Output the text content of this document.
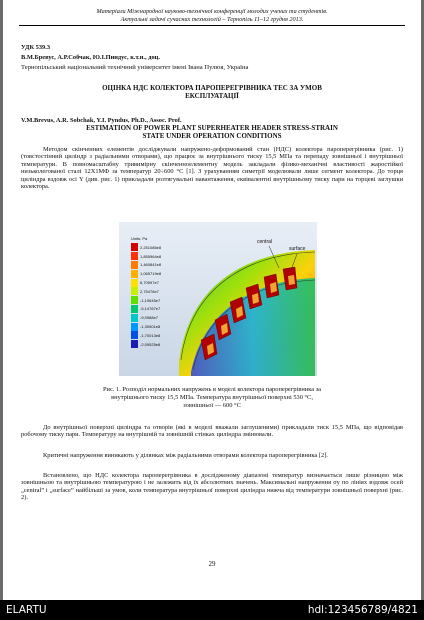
Матеріали Міжнародної науково-технічної конференції молодих учених та студентів.
Актуальні задачі сучасних технологій – Тернопіль 11–12 грудня 2013.
УДК 539.3
В.М.Бревус, А.Р.Собчак, Ю.І.Пиндус, к.т.н., доц.
Тернопільський національний технічний університет імені Івана Пулюя, Україна
ОЦІНКА НДС КОЛЕКТОРА ПАРОПЕРЕГРІВНИКА ТЕС ЗА УМОВ
ЕКСПЛУАТАЦІЇ
V.M.Brevus, A.R. Sobchak, Y.I. Pyndus, Ph.D., Assoc. Prof.
ESTIMATION OF POWER PLANT SUPERHEATER HEADER STRESS-STRAIN
STATE UNDER OPERATION CONDITIONS
Методом скінченних елементів досліджували напружено-деформований стан (НДС) колектора пароперегрівника (рис. 1) (товстостінний циліндр з радіальними отворами), що працює за внутрішнього тиску 15,5 МПа та перепаду зовнішньої і внутрішньої температури. В повномасштабну тривимірну скінченноелементну модель закладали фізико-механічні властивості жаростійкої низьколегованої сталі 12Х1МФ за температур 20÷600 °С [1]. З урахуванням симетрії моделювали лише сегмент колектора. До торця циліндра вздовж осі Y (див. рис. 1) прикладали розтягувальні навантаження, еквівалентні внутрішньому тиску пари на торцеві заглушки колектора.
Units: Pa
2,251086e8
1,855964e8
1,460841e8
1,065719e8
6,70597e7
2,75476e7
-1,19645e7
-5,14767e7
-9,0988e7
-1,30501e8
-1,70013e8
-2,09525e8
central
surface
Рис. 1. Розподіл нормальних напружень в моделі колектора пароперегрівника за
внутрішнього тиску 15,5 МПа. Температура внутрішньої поверхні 530 °С,
зовнішньої — 600 °С
До внутрішньої поверхні циліндра та отворів (які в моделі вважали заглушеними) прикладали тиск 15,5 МПа, що відповідав робочому тиску пари. Температуру на внутрішній та зовнішній стінках циліндра змінювали.
Критичні напруження виникають у ділянках між радіальними отворами колектора пароперегрівника [2].
Встановлено, що НДС колектора пароперегрівника в дослідженому діапазоні температур визначається лише різницею між зовнішньою та внутрішньою температурою і не залежить від їх абсолютних значень. Максимальні напруження σy по лініях вздовж осей „central” і „surface” найбільші за умов, коли температура внутрішньої поверхні циліндра нижча від температури зовнішньої поверхні (рис. 2).
29
ELARTU	hdl:123456789/4821
